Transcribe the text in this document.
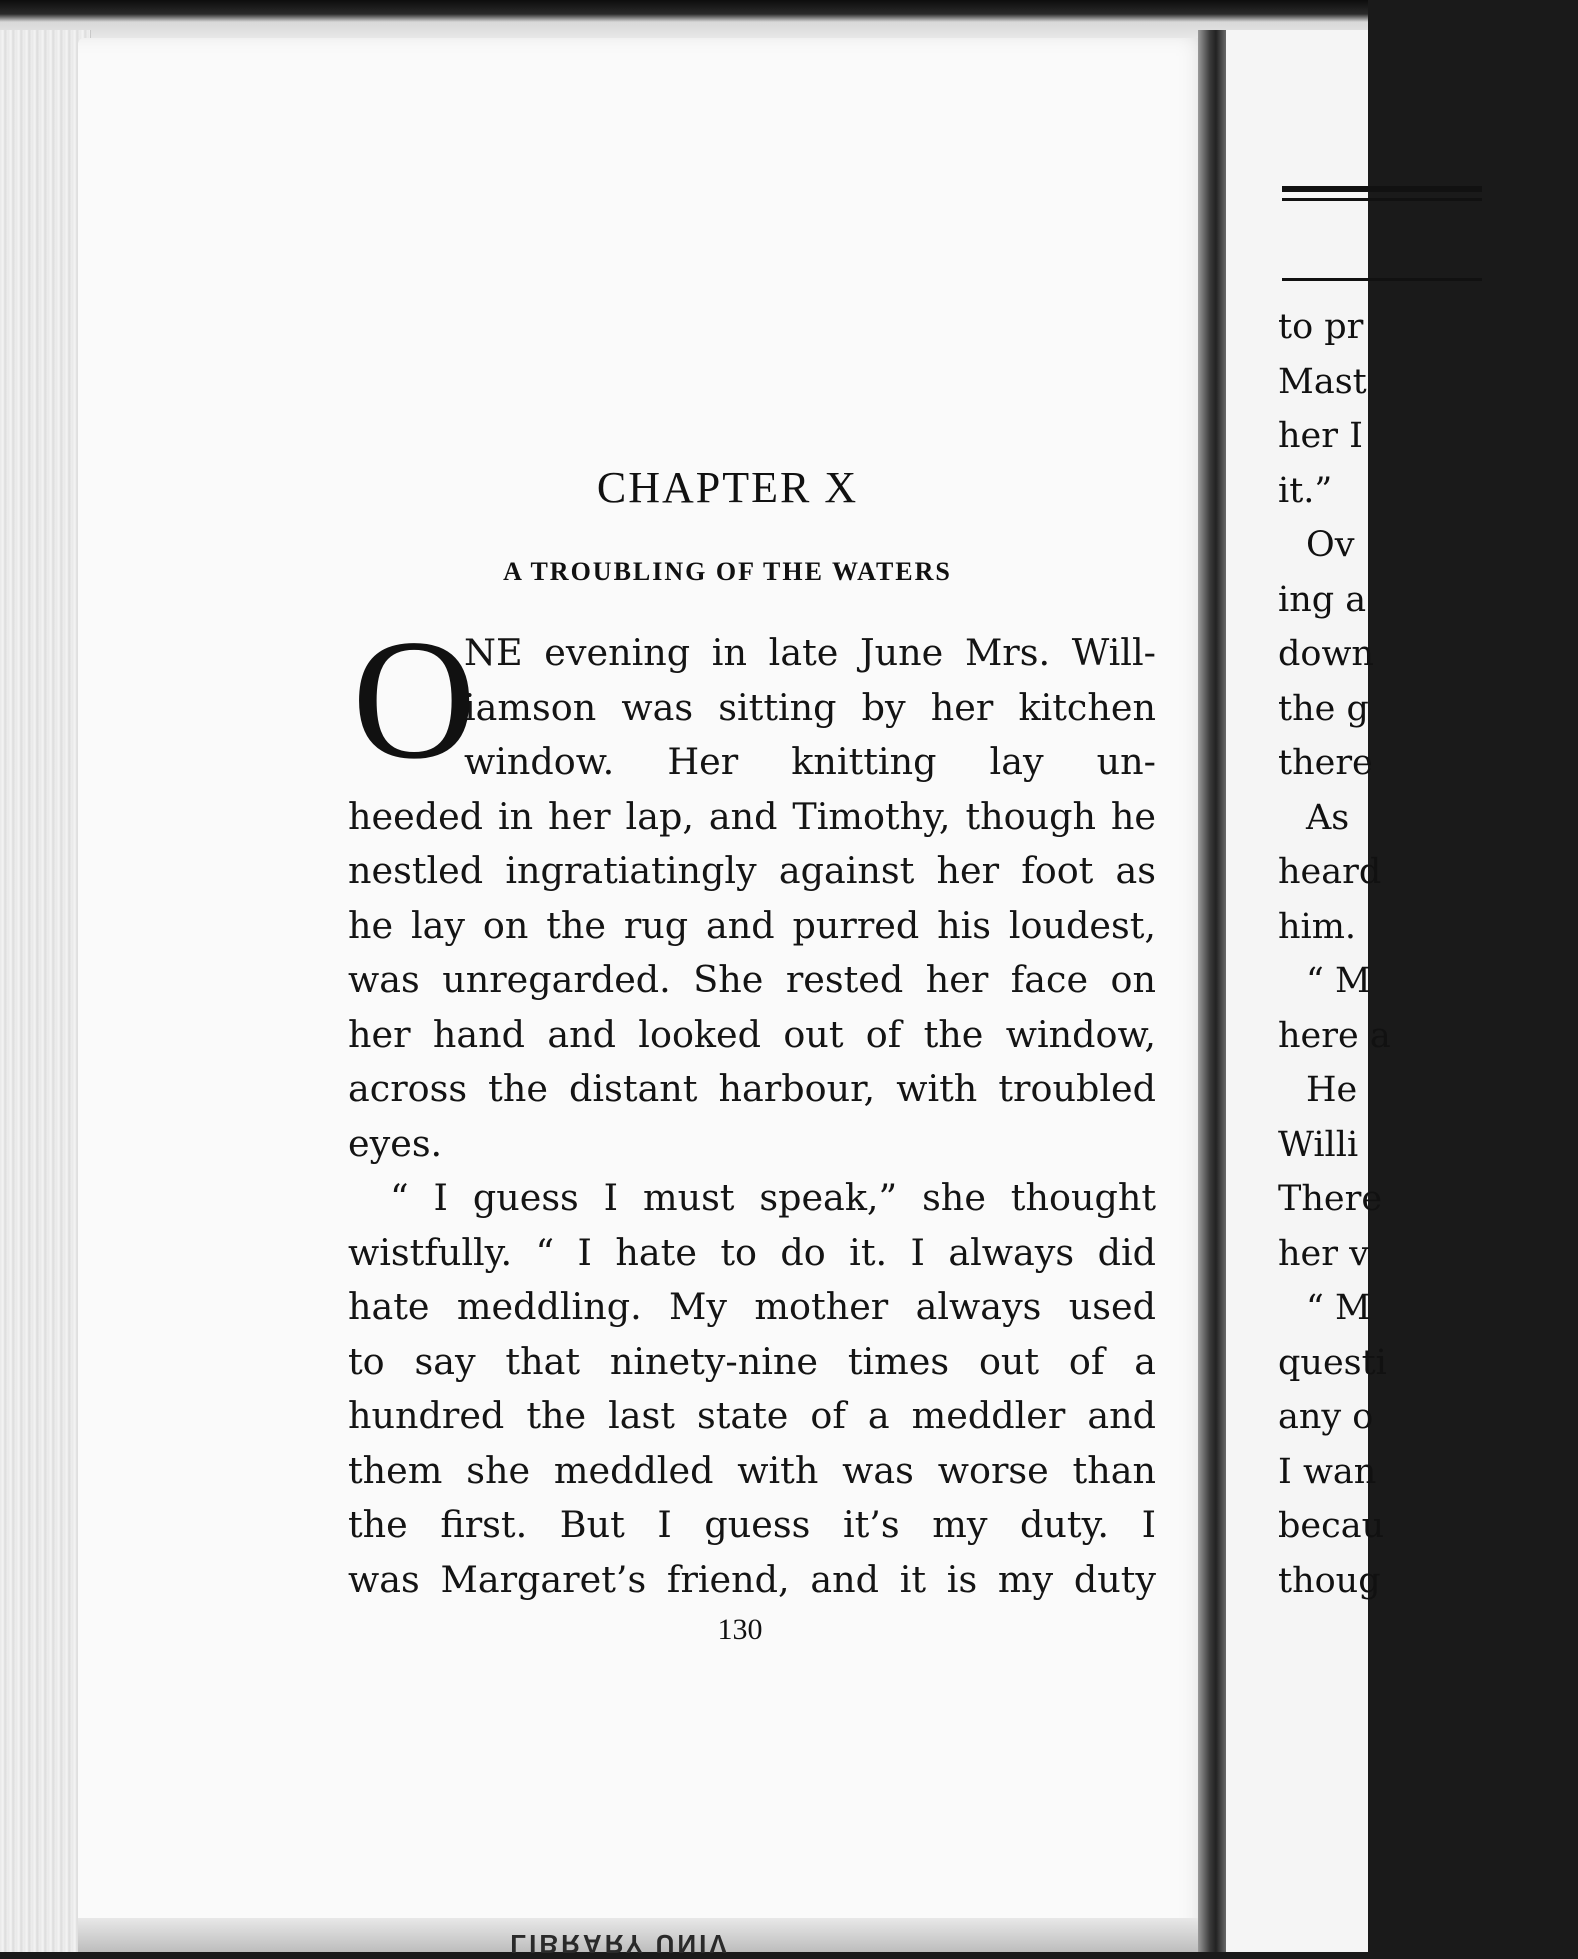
CHAPTER X
A TROUBLING OF THE WATERS
O
NE evening in late June Mrs. Will-
iamson was sitting by her kitchen
window. Her knitting lay un-
heeded in her lap, and Timothy, though he
nestled ingratiatingly against her foot as
he lay on the rug and purred his loudest,
was unregarded. She rested her face on
her hand and looked out of the window,
across the distant harbour, with troubled
eyes.
“ I guess I must speak,” she thought
wistfully. “ I hate to do it. I always did
hate meddling. My mother always used
to say that ninety-nine times out of a
hundred the last state of a meddler and
them she meddled with was worse than
the first. But I guess it’s my duty. I
was Margaret’s friend, and it is my duty
130
LIBRARY UNIV
to pr
Mast
her I
it.”
Ov
ing a
down
the g
there
As
heard
him.
“ M
here a
He
Willi
There
her v
“ M
questi
any o
I wan
becau
thoug
